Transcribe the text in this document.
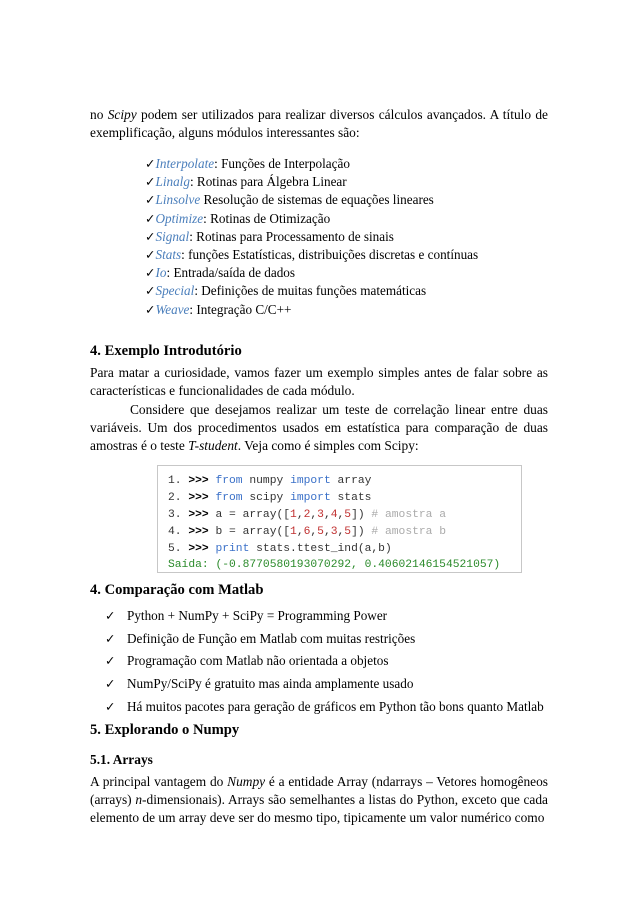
no Scipy podem ser utilizados para realizar diversos cálculos avançados. A título de exemplificação, alguns módulos interessantes são:

✓Interpolate: Funções de Interpolação
✓Linalg: Rotinas para Álgebra Linear
✓Linsolve Resolução de sistemas de equações lineares
✓Optimize: Rotinas de Otimização
✓Signal: Rotinas para Processamento de sinais
✓Stats: funções Estatísticas, distribuições discretas e contínuas
✓Io: Entrada/saída de dados
✓Special: Definições de muitas funções matemáticas
✓Weave: Integração C/C++
4. Exemplo Introdutório

Para matar a curiosidade, vamos fazer um exemplo simples antes de falar sobre as características e funcionalidades de cada módulo.

Considere que desejamos realizar um teste de correlação linear entre duas variáveis. Um dos procedimentos usados em estatística para comparação de duas amostras é o teste T-student. Veja como é simples com Scipy:

1. >>> from numpy import array
2. >>> from scipy import stats
3. >>> a = array([1,2,3,4,5]) # amostra a
4. >>> b = array([1,6,5,3,5]) # amostra b
5. >>> print stats.ttest_ind(a,b)
Saída: (-0.8770580193070292, 0.40602146154521057)
4. Comparação com Matlab
✓ Python + NumPy + SciPy = Programming Power
✓ Definição de Função em Matlab com muitas restrições
✓ Programação com Matlab não orientada a objetos
✓ NumPy/SciPy é gratuito mas ainda amplamente usado
✓ Há muitos pacotes para geração de gráficos em Python tão bons quanto Matlab
5. Explorando o Numpy
5.1. Arrays

A principal vantagem do Numpy é a entidade Array (ndarrays – Vetores homogêneos (arrays) n-dimensionais). Arrays são semelhantes a listas do Python, exceto que cada elemento de um array deve ser do mesmo tipo, tipicamente um valor numérico como
